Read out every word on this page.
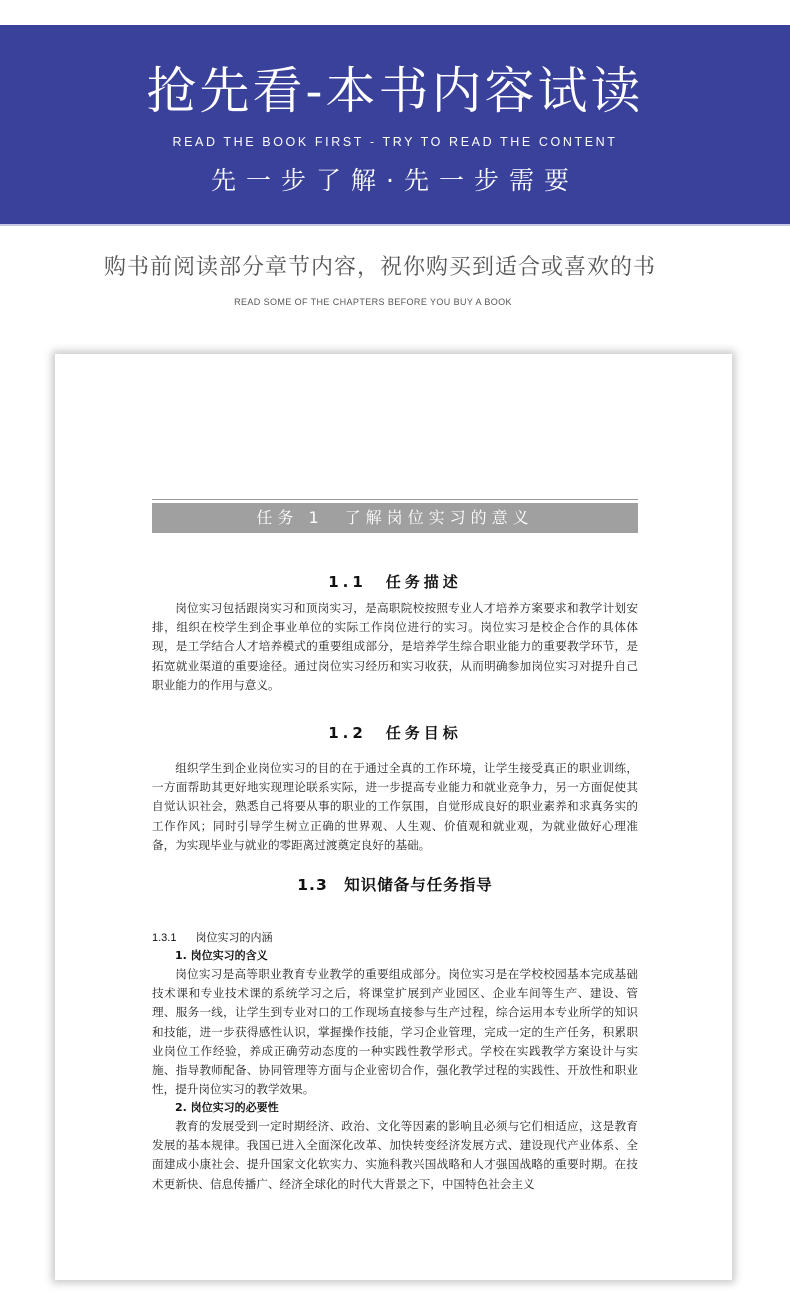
抢先看-本书内容试读
READ THE BOOK FIRST - TRY TO READ THE CONTENT
先一步了解·先一步需要
购书前阅读部分章节内容，祝你购买到适合或喜欢的书
READ SOME OF THE CHAPTERS BEFORE YOU BUY A BOOK
任务 1　了解岗位实习的意义
1.1　任务描述

岗位实习包括跟岗实习和顶岗实习，是高职院校按照专业人才培养方案要求和教学计划安排，组织在校学生到企事业单位的实际工作岗位进行的实习。岗位实习是校企合作的具体体现，是工学结合人才培养模式的重要组成部分，是培养学生综合职业能力的重要教学环节，是拓宽就业渠道的重要途径。通过岗位实习经历和实习收获，从而明确参加岗位实习对提升自己职业能力的作用与意义。

1.2　任务目标

组织学生到企业岗位实习的目的在于通过全真的工作环境，让学生接受真正的职业训练，一方面帮助其更好地实现理论联系实际，进一步提高专业能力和就业竞争力，另一方面促使其自觉认识社会，熟悉自己将要从事的职业的工作氛围，自觉形成良好的职业素养和求真务实的工作作风；同时引导学生树立正确的世界观、人生观、价值观和就业观，为就业做好心理准备，为实现毕业与就业的零距离过渡奠定良好的基础。

1.3　知识储备与任务指导
1.3.1 岗位实习的内涵
1. 岗位实习的含义

岗位实习是高等职业教育专业教学的重要组成部分。岗位实习是在学校校园基本完成基础技术课和专业技术课的系统学习之后，将课堂扩展到产业园区、企业车间等生产、建设、管理、服务一线，让学生到专业对口的工作现场直接参与生产过程，综合运用本专业所学的知识和技能，进一步获得感性认识，掌握操作技能，学习企业管理，完成一定的生产任务，积累职业岗位工作经验，养成正确劳动态度的一种实践性教学形式。学校在实践教学方案设计与实施、指导教师配备、协同管理等方面与企业密切合作，强化教学过程的实践性、开放性和职业性，提升岗位实习的教学效果。

2. 岗位实习的必要性

教育的发展受到一定时期经济、政治、文化等因素的影响且必须与它们相适应，这是教育发展的基本规律。我国已进入全面深化改革、加快转变经济发展方式、建设现代产业体系、全面建成小康社会、提升国家文化软实力、实施科教兴国战略和人才强国战略的重要时期。在技术更新快、信息传播广、经济全球化的时代大背景之下，中国特色社会主义
